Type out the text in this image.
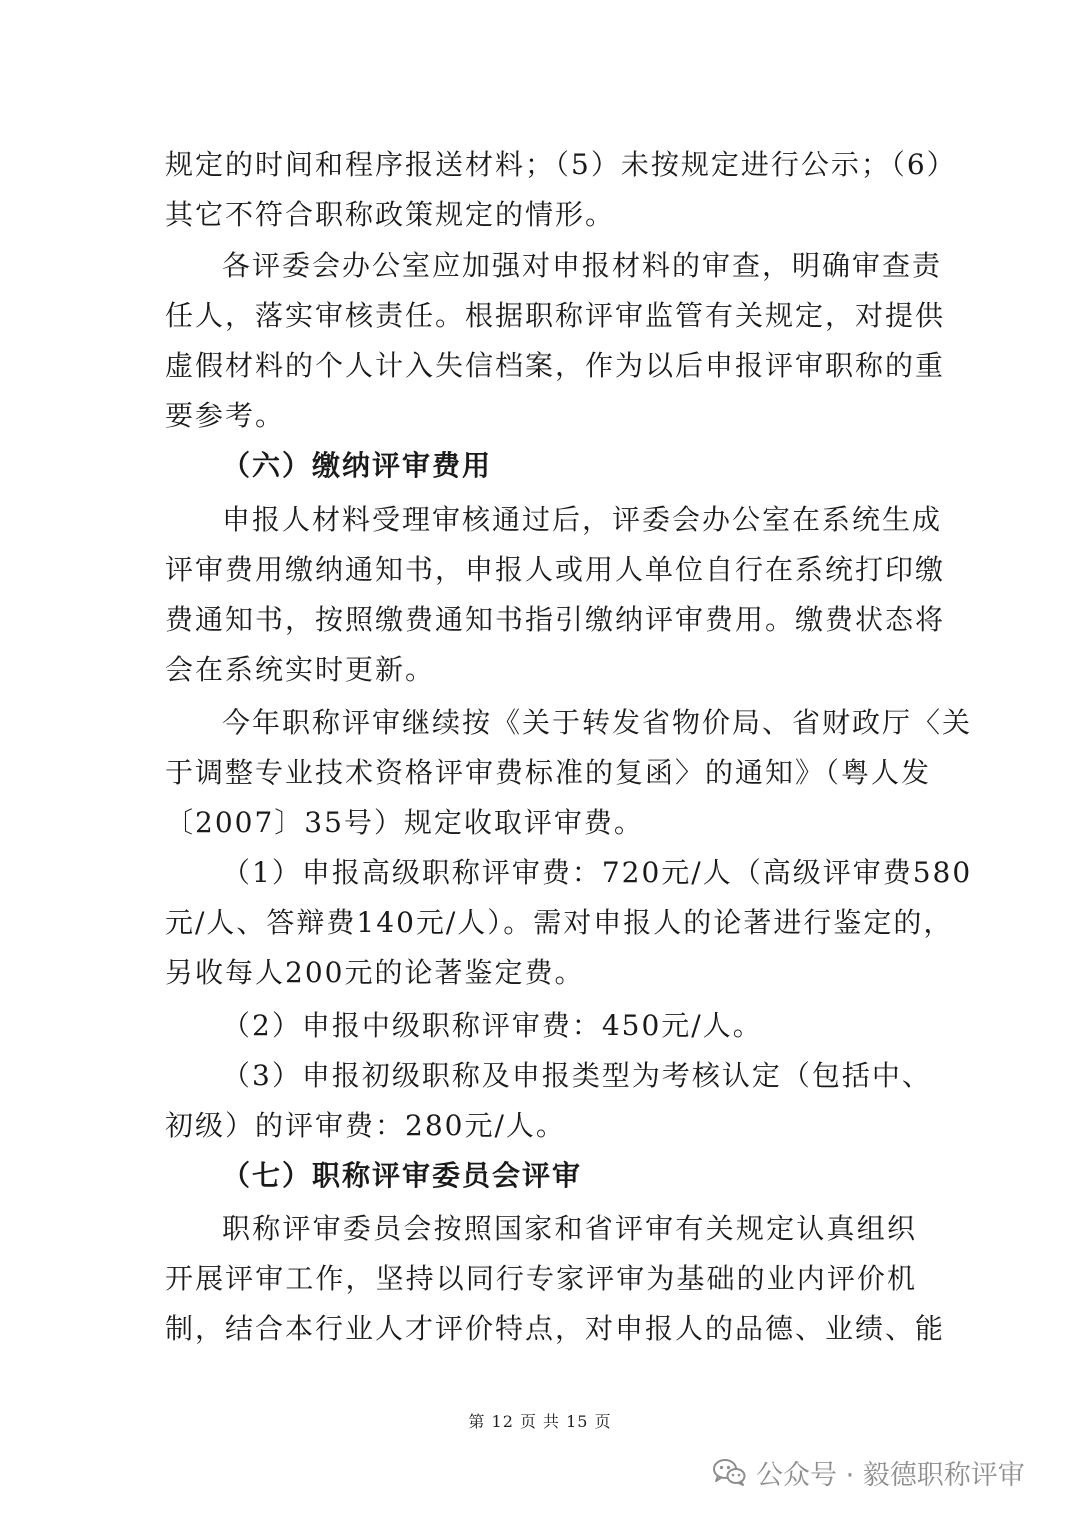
规定的时间和程序报送材料；（5）未按规定进行公示；（6）
其它不符合职称政策规定的情形。
各评委会办公室应加强对申报材料的审查，明确审查责
任人，落实审核责任。根据职称评审监管有关规定，对提供
虚假材料的个人计入失信档案，作为以后申报评审职称的重
要参考。
（六）缴纳评审费用
申报人材料受理审核通过后，评委会办公室在系统生成
评审费用缴纳通知书，申报人或用人单位自行在系统打印缴
费通知书，按照缴费通知书指引缴纳评审费用。缴费状态将
会在系统实时更新。
今年职称评审继续按《关于转发省物价局、省财政厅〈关
于调整专业技术资格评审费标准的复函〉的通知》（粤人发
〔2007〕35号）规定收取评审费。
（1）申报高级职称评审费：720元/人（高级评审费580
元/人、答辩费140元/人）。需对申报人的论著进行鉴定的，
另收每人200元的论著鉴定费。
（2）申报中级职称评审费：450元/人。
（3）申报初级职称及申报类型为考核认定（包括中、
初级）的评审费：280元/人。
（七）职称评审委员会评审
职称评审委员会按照国家和省评审有关规定认真组织
开展评审工作，坚持以同行专家评审为基础的业内评价机
制，结合本行业人才评价特点，对申报人的品德、业绩、能
第 12 页 共 15 页
公众号 · 毅德职称评审
